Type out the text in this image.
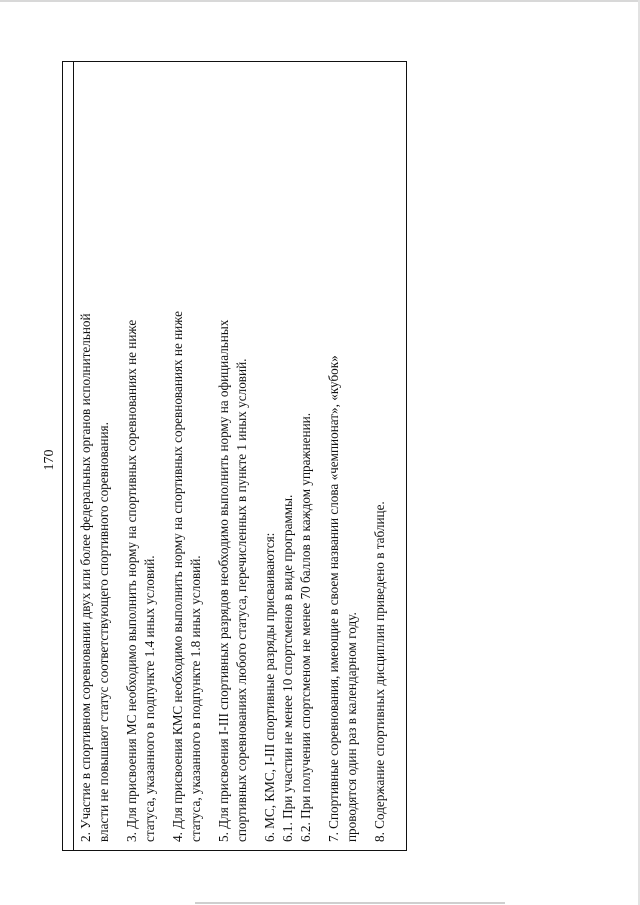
170 2. Участие в спортивном соревновании двух или более федеральных органов исполнительной власти не повышают статус соответствующего спортивного соревнования. 3. Для присвоения МС необходимо выполнить норму на спортивных соревнованиях не ниже статуса, указанного в подпункте 1.4 иных условий. 4. Для присвоения КМС необходимо выполнить норму на спортивных соревнованиях не ниже статуса, указанного в подпункте 1.8 иных условий. 5. Для присвоения I-III спортивных разрядов необходимо выполнить норму на официальных спортивных соревнованиях любого статуса, перечисленных в пункте 1 иных условий. 6. МС, КМС, I-III спортивные разряды присваиваются: 6.1. При участии не менее 10 спортсменов в виде программы. 6.2. При получении спортсменом не менее 70 баллов в каждом упражнении. 7. Спортивные соревнования, имеющие в своем названии слова «чемпионат», «кубок» проводятся один раз в календарном году. 8. Содержание спортивных дисциплин приведено в таблице.
